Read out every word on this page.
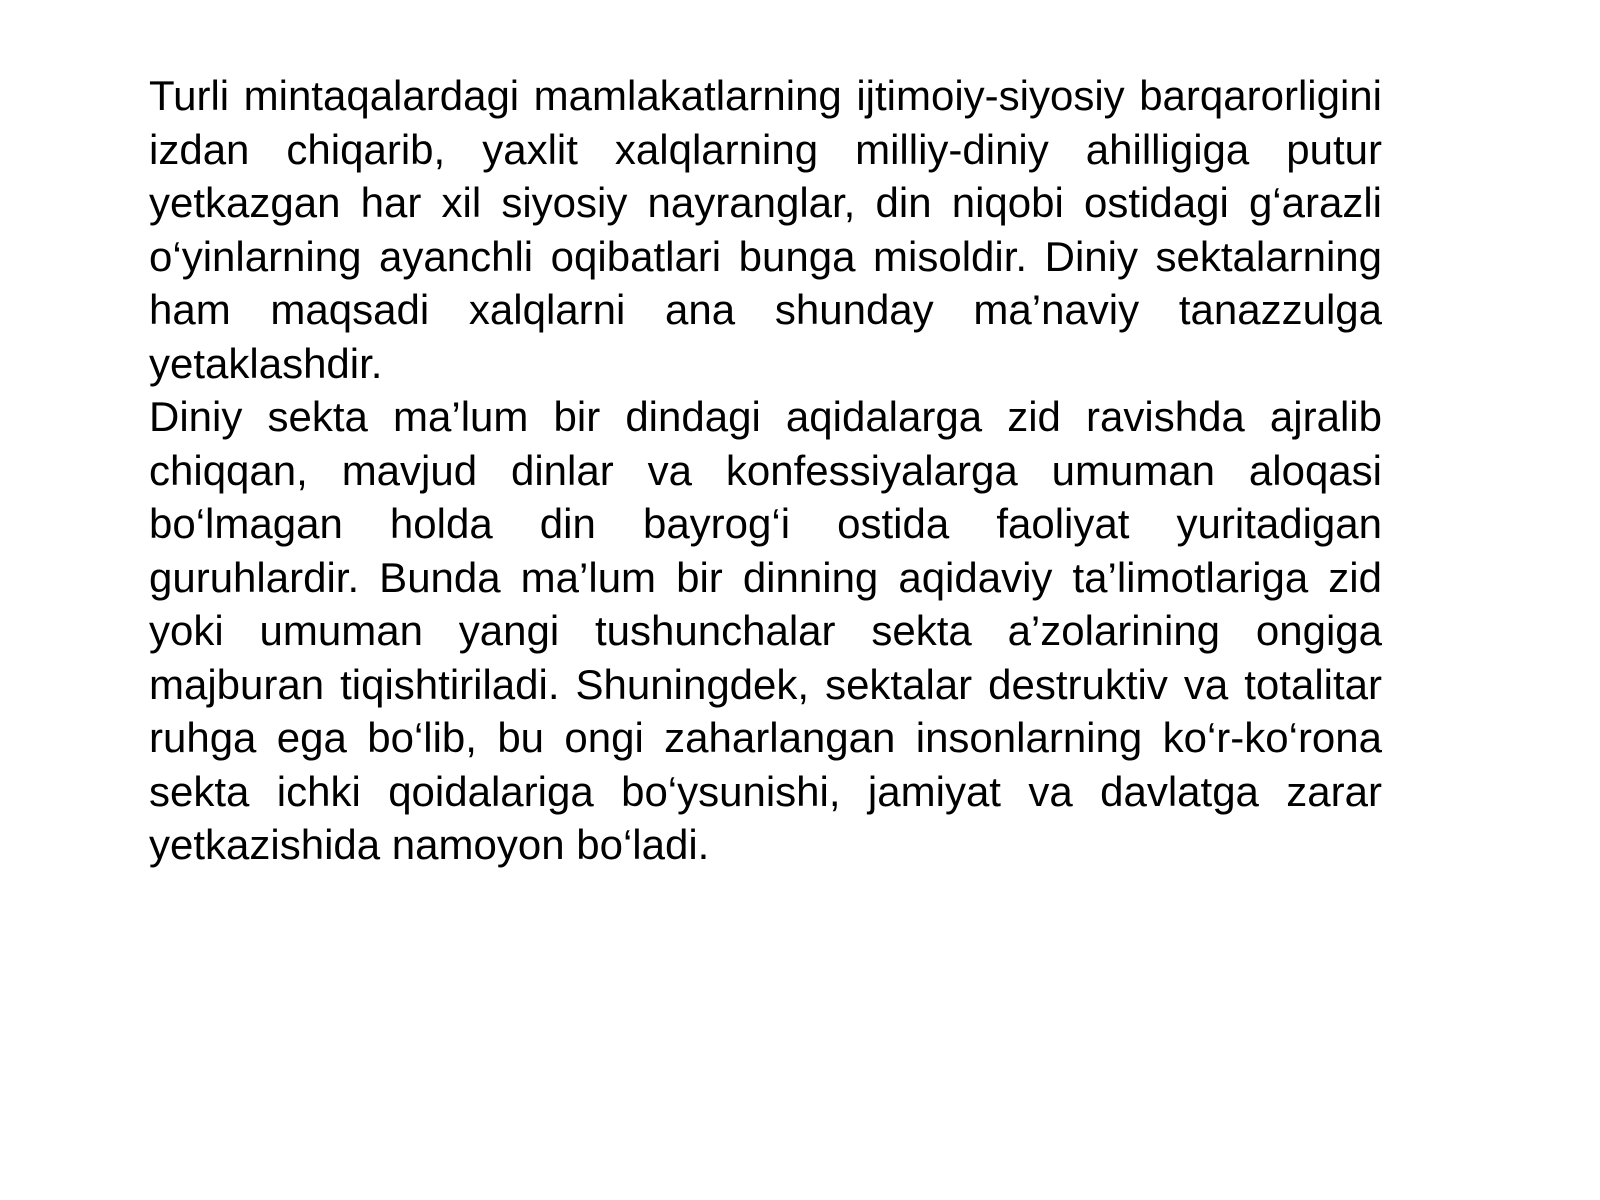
Turli mintaqalardagi mamlakatlarning ijtimoiy-siyosiy barqarorligini izdan chiqarib, yaxlit xalqlarning milliy-diniy ahilligiga putur yetkazgan har xil siyosiy nayranglar, din niqobi ostidagi g‘arazli o‘yinlarning ayanchli oqibatlari bunga misoldir. Diniy sektalarning ham maqsadi xalqlarni ana shunday ma’naviy tanazzulga yetaklashdir.

Diniy sekta ma’lum bir dindagi aqidalarga zid ravishda ajralib chiqqan, mavjud dinlar va konfessiyalarga umuman aloqasi bo‘lmagan holda din bayrog‘i ostida faoliyat yuritadigan guruhlardir. Bunda ma’lum bir dinning aqidaviy ta’limotlariga zid yoki umuman yangi tushunchalar sekta a’zolarining ongiga majburan tiqishtiriladi. Shuningdek, sektalar destruktiv va totalitar ruhga ega bo‘lib, bu ongi zaharlangan insonlarning ko‘r-ko‘rona sekta ichki qoidalariga bo‘ysunishi, jamiyat va davlatga zarar yetkazishida namoyon bo‘ladi.
